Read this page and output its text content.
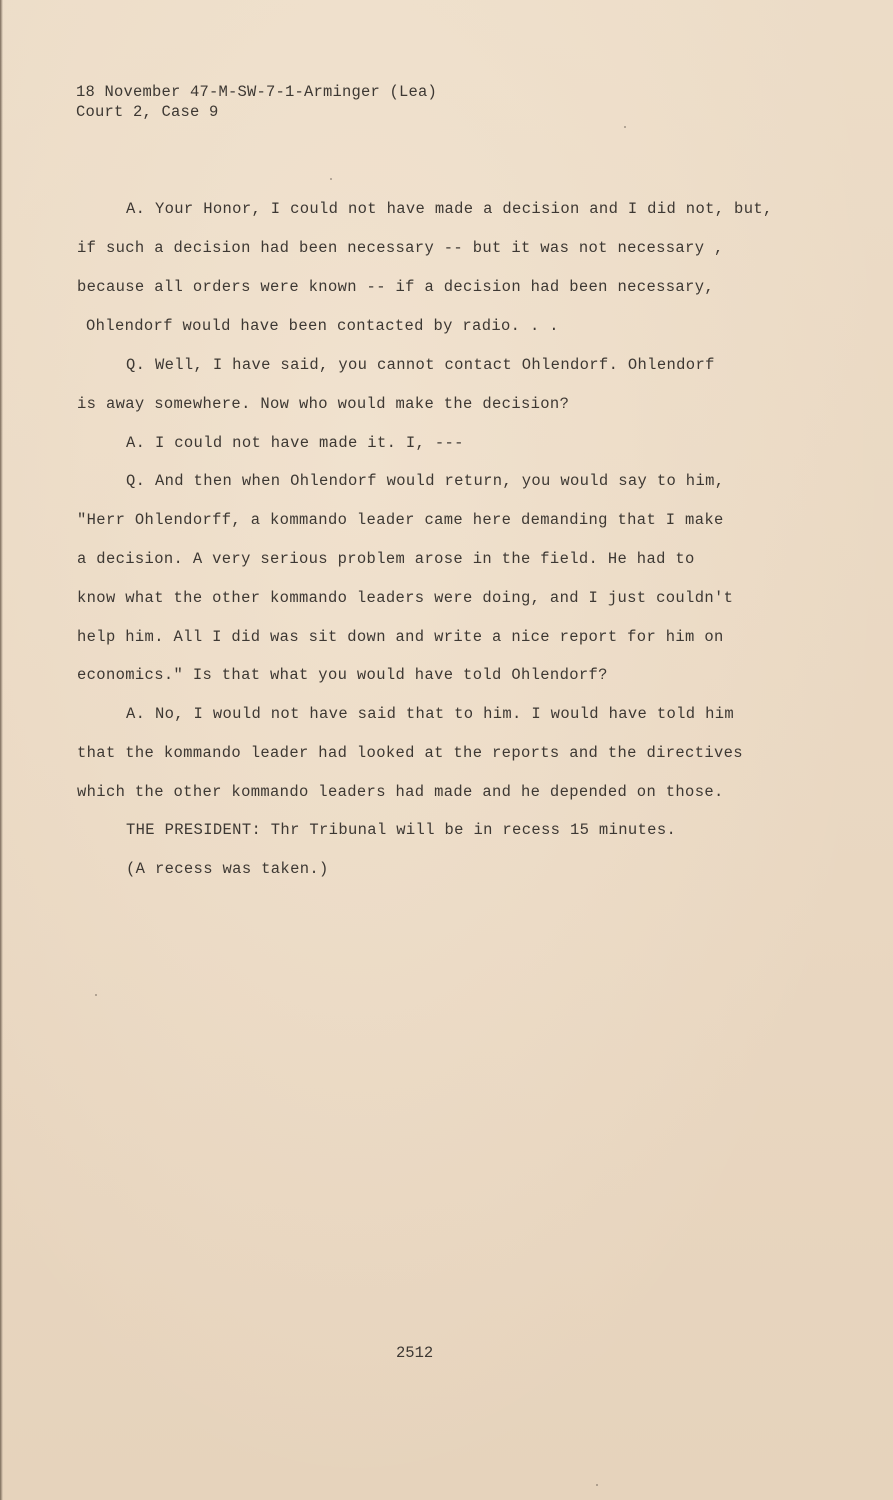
18 November 47-M-SW-7-1-Arminger (Lea)
Court 2, Case 9
A. Your Honor, I could not have made a decision and I did not, but,
if such a decision had been necessary -- but it was not necessary ,
because all orders were known -- if a decision had been necessary,
Ohlendorf would have been contacted by radio. . .
Q. Well, I have said, you cannot contact Ohlendorf. Ohlendorf
is away somewhere. Now who would make the decision?
A. I could not have made it. I, ---
Q. And then when Ohlendorf would return, you would say to him,
"Herr Ohlendorff, a kommando leader came here demanding that I make
a decision. A very serious problem arose in the field. He had to
know what the other kommando leaders were doing, and I just couldn't
help him. All I did was sit down and write a nice report for him on
economics." Is that what you would have told Ohlendorf?
A. No, I would not have said that to him. I would have told him
that the kommando leader had looked at the reports and the directives
which the other kommando leaders had made and he depended on those.
THE PRESIDENT: Thr Tribunal will be in recess 15 minutes.
(A recess was taken.)
2512
